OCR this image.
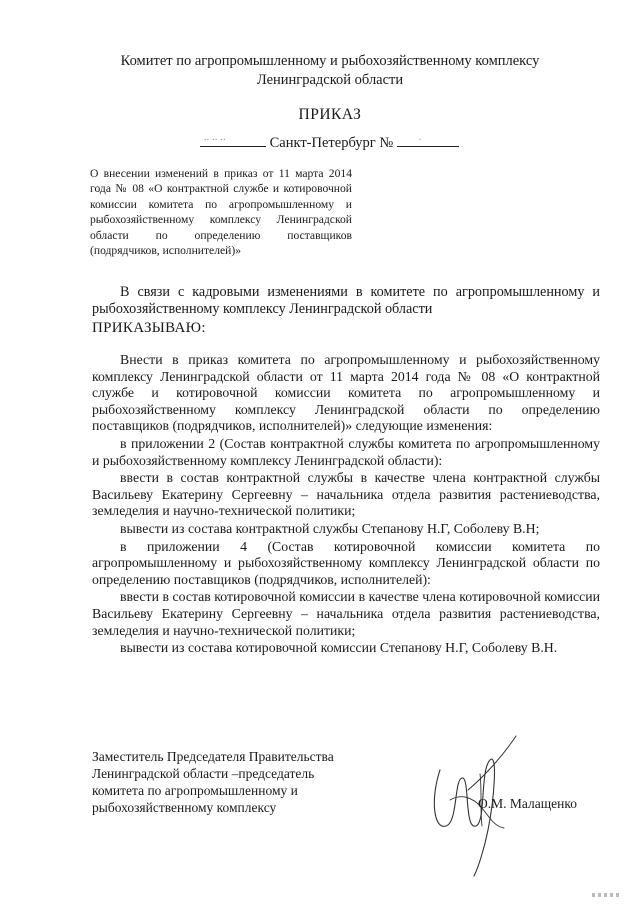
Комитет по агропромышленному и рыбохозяйственному комплексу
Ленинградской области
ПРИКАЗ
.. .. ..	Санкт-Петербург № .
О внесении изменений в приказ от 11 марта 2014 года № 08 «О контрактной службе и котировочной комиссии комитета по агропромышленному и рыбохозяйственному комплексу Ленинградской области по определению поставщиков (подрядчиков, исполнителей)»
В связи с кадровыми изменениями в комитете по агропромышленному и рыбохозяйственному комплексу Ленинградской области
ПРИКАЗЫВАЮ:

Внести в приказ комитета по агропромышленному и рыбохозяйственному комплексу Ленинградской области от 11 марта 2014 года № 08 «О контрактной службе и котировочной комиссии комитета по агропромышленному и рыбохозяйственному комплексу Ленинградской области по определению поставщиков (подрядчиков, исполнителей)» следующие изменения:

в приложении 2 (Состав контрактной службы комитета по агропромышленному и рыбохозяйственному комплексу Ленинградской области):

ввести в состав контрактной службы в качестве члена контрактной службы Васильеву Екатерину Сергеевну – начальника отдела развития растениеводства, земледелия и научно-технической политики;

вывести из состава контрактной службы Степанову Н.Г, Соболеву В.Н;

в приложении 4 (Состав котировочной комиссии комитета по агропромышленному и рыбохозяйственному комплексу Ленинградской области по определению поставщиков (подрядчиков, исполнителей):

ввести в состав котировочной комиссии в качестве члена котировочной комиссии Васильеву Екатерину Сергеевну – начальника отдела развития растениеводства, земледелия и научно-технической политики;

вывести из состава котировочной комиссии Степанову Н.Г, Соболеву В.Н.

Заместитель Председателя Правительства
Ленинградской области –председатель
комитета по агропромышленному и
рыбохозяйственному комплексу	О.М. Малащенко
